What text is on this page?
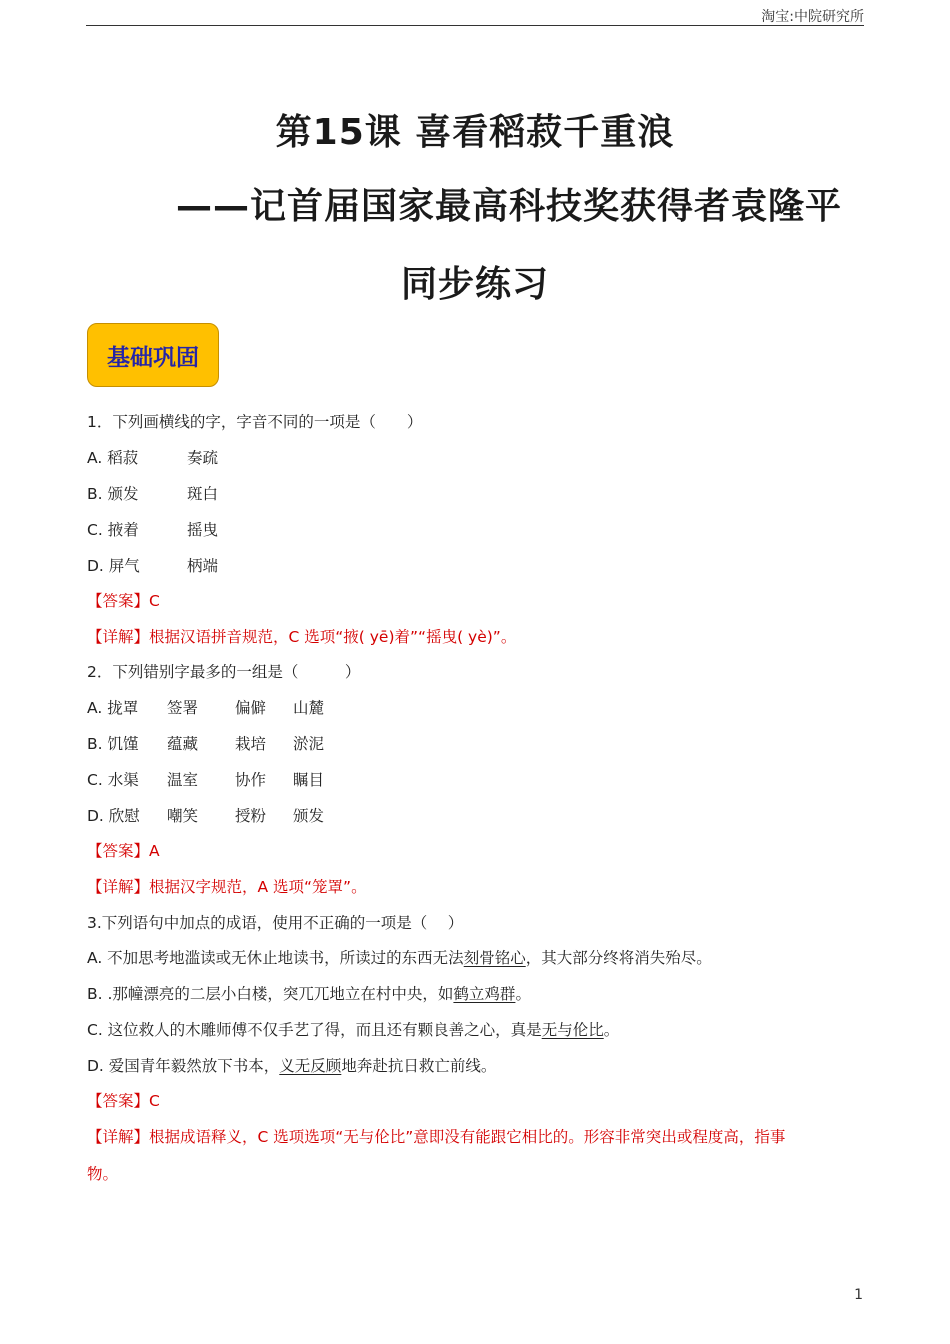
淘宝:中院研究所
第15课 喜看稻菽千重浪
——记首届国家最高科技奖获得者袁隆平
同步练习
基础巩固
1．下列画横线的字，字音不同的一项是（　　）
A. 稻菽	奏疏
B. 颁发	斑白
C. 掖着	摇曳
D. 屏气	柄端
【答案】C
【详解】根据汉语拼音规范，C 选项“掖( yē)着”“摇曳( yè)”。
2．下列错别字最多的一组是（　　　）
A. 拢罩 签署 偏僻 山麓
B. 饥馑 蕴藏 栽培 淤泥
C. 水渠 温室 协作 瞩目
D. 欣慰 嘲笑 授粉 颁发
【答案】A
【详解】根据汉字规范，A 选项“笼罩”。
3.下列语句中加点的成语，使用不正确的一项是（　 ）
A. 不加思考地滥读或无休止地读书，所读过的东西无法刻骨铭心，其大部分终将消失殆尽。
B. .那幢漂亮的二层小白楼，突兀兀地立在村中央，如鹤立鸡群。
C. 这位救人的木雕师傅不仅手艺了得，而且还有颗良善之心，真是无与伦比。
D. 爱国青年毅然放下书本，义无反顾地奔赴抗日救亡前线。
【答案】C
【详解】根据成语释义，C 选项选项“无与伦比”意即没有能跟它相比的。形容非常突出或程度高，指事
物。
1
